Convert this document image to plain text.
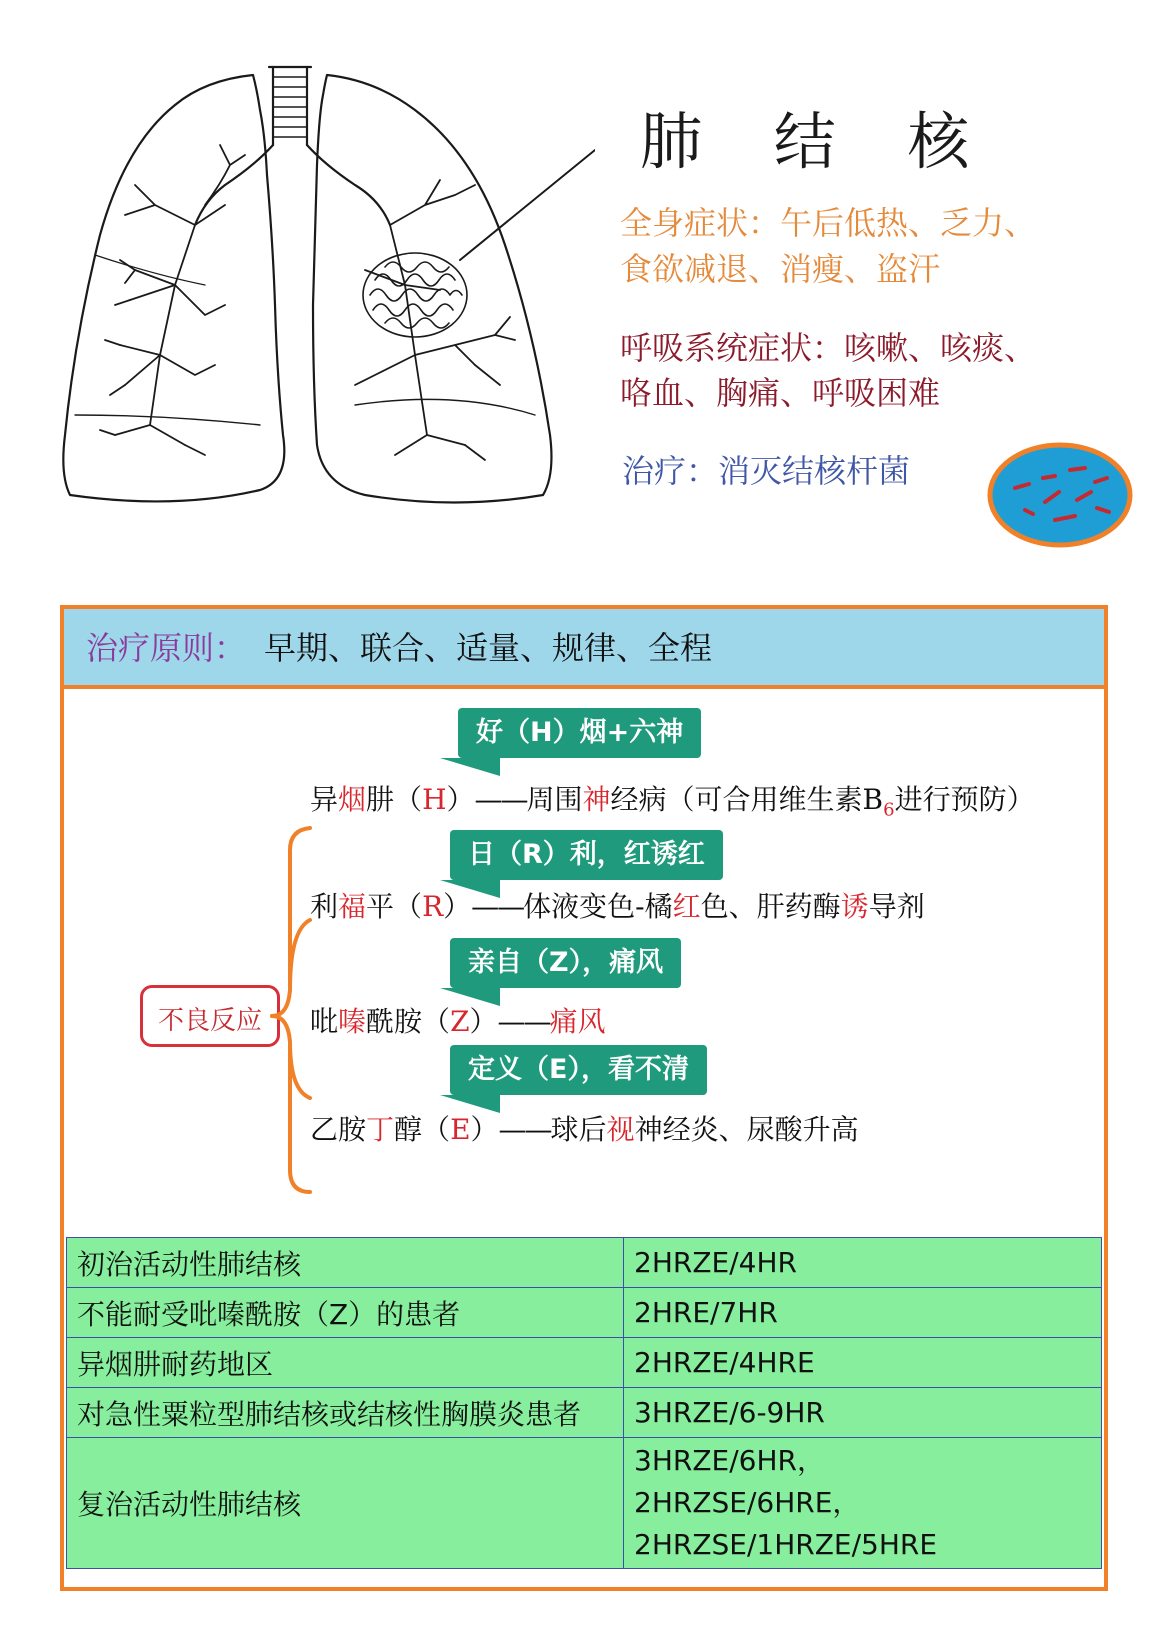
肺 结 核
全身症状：午后低热、乏力、
食欲减退、消瘦、盗汗
呼吸系统症状：咳嗽、咳痰、
咯血、胸痛、呼吸困难
治疗：消灭结核杆菌
治疗原则： 早期、联合、适量、规律、全程
不良反应
好（H）烟+六神
异烟肼（H）——周围神经病（可合用维生素$B_6$进行预防）
日（R）利，红诱红
利福平（R）——体液变色-橘红色、肝药酶诱导剂
亲自（Z），痛风
吡嗪酰胺（Z）——痛风
定义（E），看不清
乙胺丁醇（E）——球后视神经炎、尿酸升高
初治活动性肺结核	2HRZE/4HR
不能耐受吡嗪酰胺（Z）的患者	2HRE/7HR
异烟肼耐药地区	2HRZE/4HRE
对急性粟粒型肺结核或结核性胸膜炎患者	3HRZE/6-9HR
复治活动性肺结核	3HRZE/6HR，
2HRZSE/6HRE，
2HRZSE/1HRZE/5HRE
